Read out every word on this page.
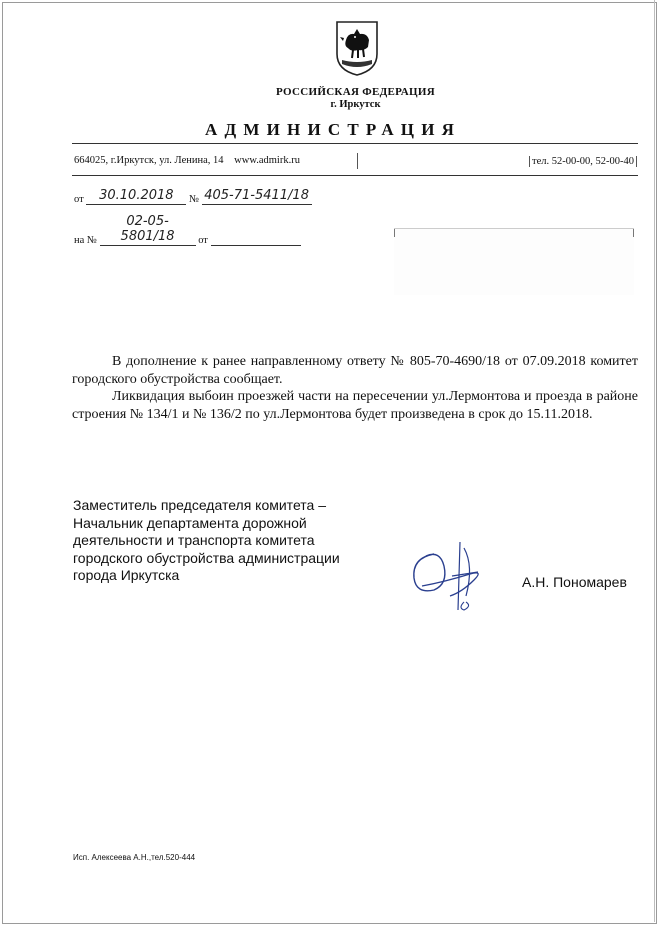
РОССИЙСКАЯ ФЕДЕРАЦИЯ
г. Иркутск
АДМИНИСТРАЦИЯ
664025, г.Иркутск, ул. Ленина, 14 www.admirk.ru	тел. 52-00-00, 52-00-40
от 30.10.2018 № 405-71-5411/18
на № 02-05-5801/18 от

В дополнение к ранее направленному ответу № 805-70-4690/18 от 07.09.2018 комитет городского обустройства сообщает.

Ликвидация выбоин проезжей части на пересечении ул.Лермонтова и проезда в районе строения № 134/1 и № 136/2 по ул.Лермонтова будет произведена в срок до 15.11.2018.

Заместитель председателя комитета –
Начальник департамента дорожной
деятельности и транспорта комитета
городского обустройства администрации
города Иркутска	А.Н. Пономарев
Исп. Алексеева А.Н.,тел.520-444
